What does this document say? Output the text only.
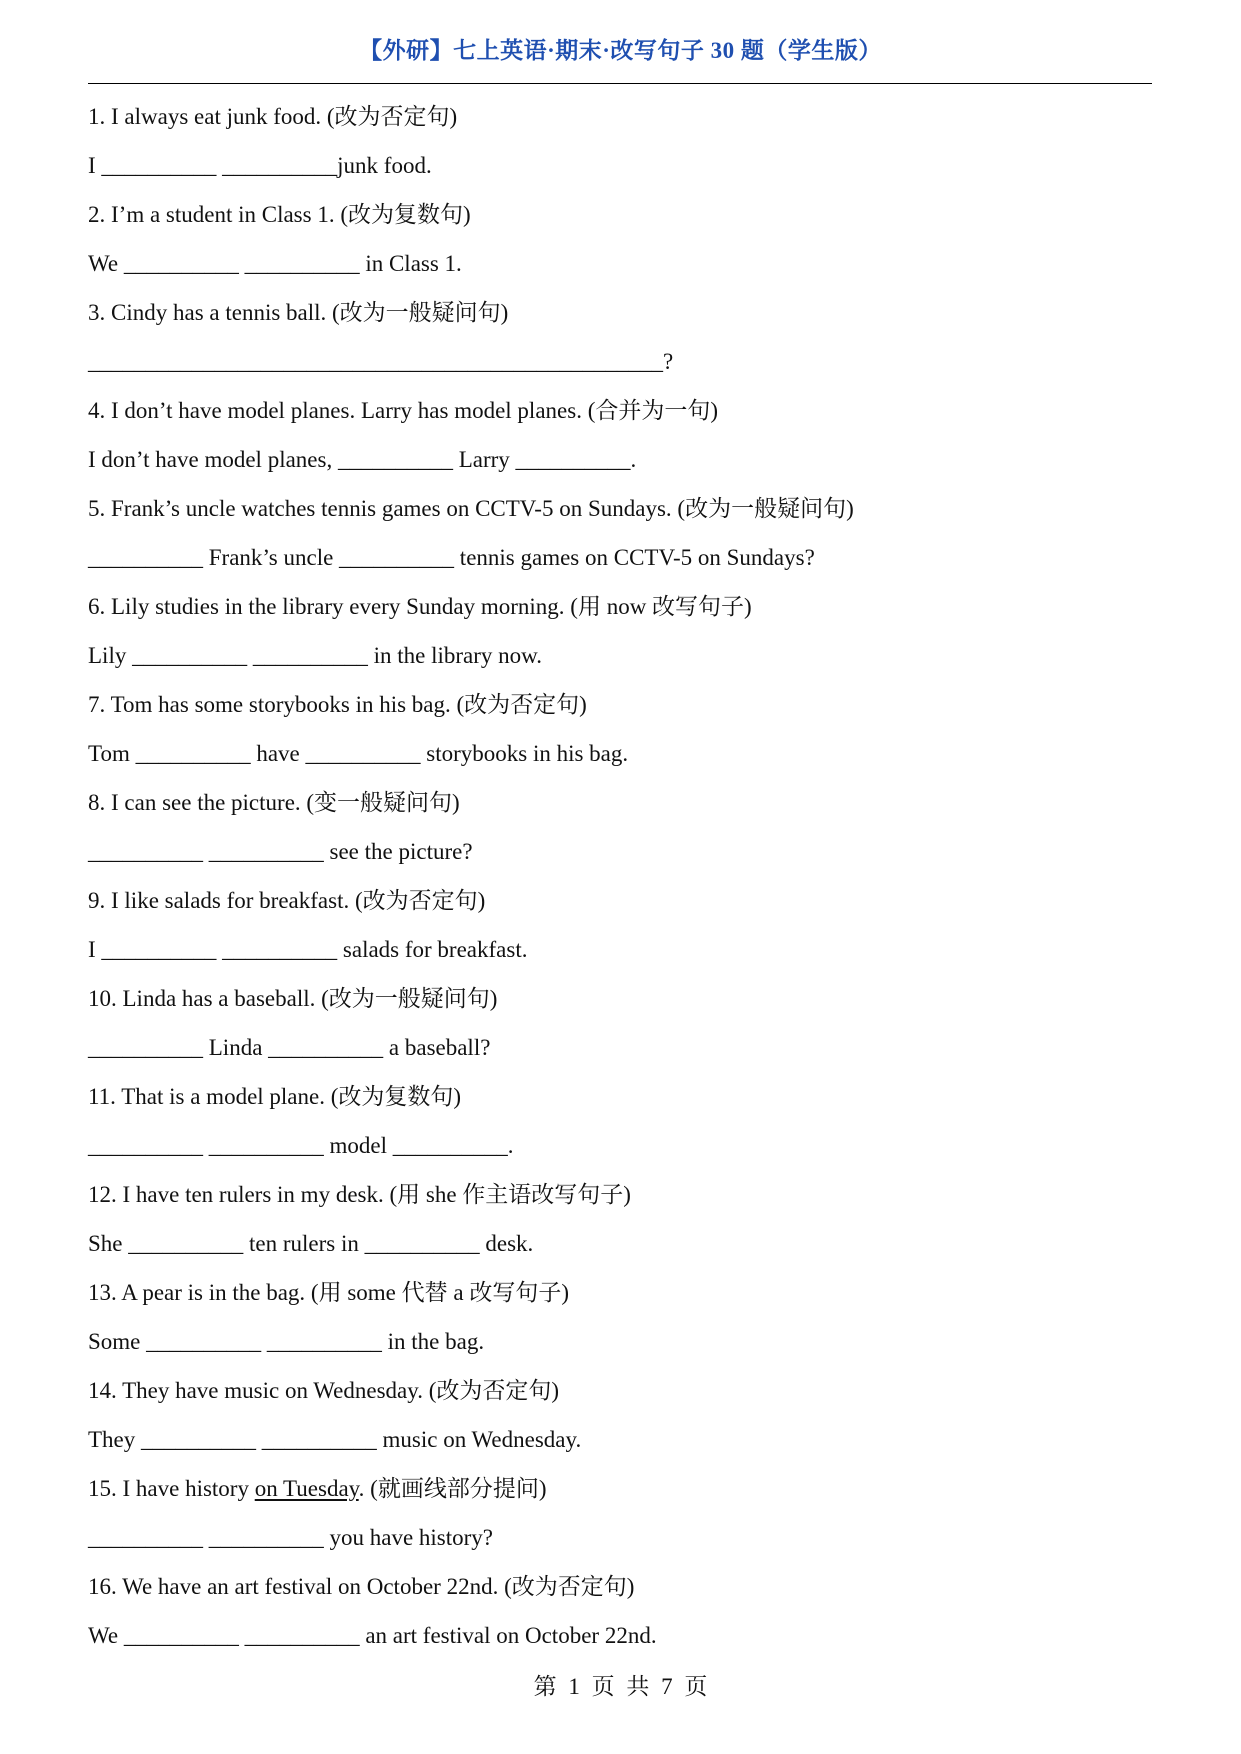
【外研】七上英语·期末·改写句子 30 题（学生版）
1. I always eat junk food. (改为否定句)
I __________ __________junk food.
2. I’m a student in Class 1. (改为复数句)
We __________ __________ in Class 1.
3. Cindy has a tennis ball. (改为一般疑问句)
__________________________________________________?
4. I don’t have model planes. Larry has model planes. (合并为一句)
I don’t have model planes, __________ Larry __________.
5. Frank’s uncle watches tennis games on CCTV-5 on Sundays. (改为一般疑问句)
__________ Frank’s uncle __________ tennis games on CCTV-5 on Sundays?
6. Lily studies in the library every Sunday morning. (用 now 改写句子)
Lily __________ __________ in the library now.
7. Tom has some storybooks in his bag. (改为否定句)
Tom __________ have __________ storybooks in his bag.
8. I can see the picture. (变一般疑问句)
__________ __________ see the picture?
9. I like salads for breakfast. (改为否定句)
I __________ __________ salads for breakfast.
10. Linda has a baseball. (改为一般疑问句)
__________ Linda __________ a baseball?
11. That is a model plane. (改为复数句)
__________ __________ model __________.
12. I have ten rulers in my desk. (用 she 作主语改写句子)
She __________ ten rulers in __________ desk.
13. A pear is in the bag. (用 some 代替 a 改写句子)
Some __________ __________ in the bag.
14. They have music on Wednesday. (改为否定句)
They __________ __________ music on Wednesday.
15. I have history on Tuesday. (就画线部分提问)
__________ __________ you have history?
16. We have an art festival on October 22nd. (改为否定句)
We __________ __________ an art festival on October 22nd.
第 1 页 共 7 页
